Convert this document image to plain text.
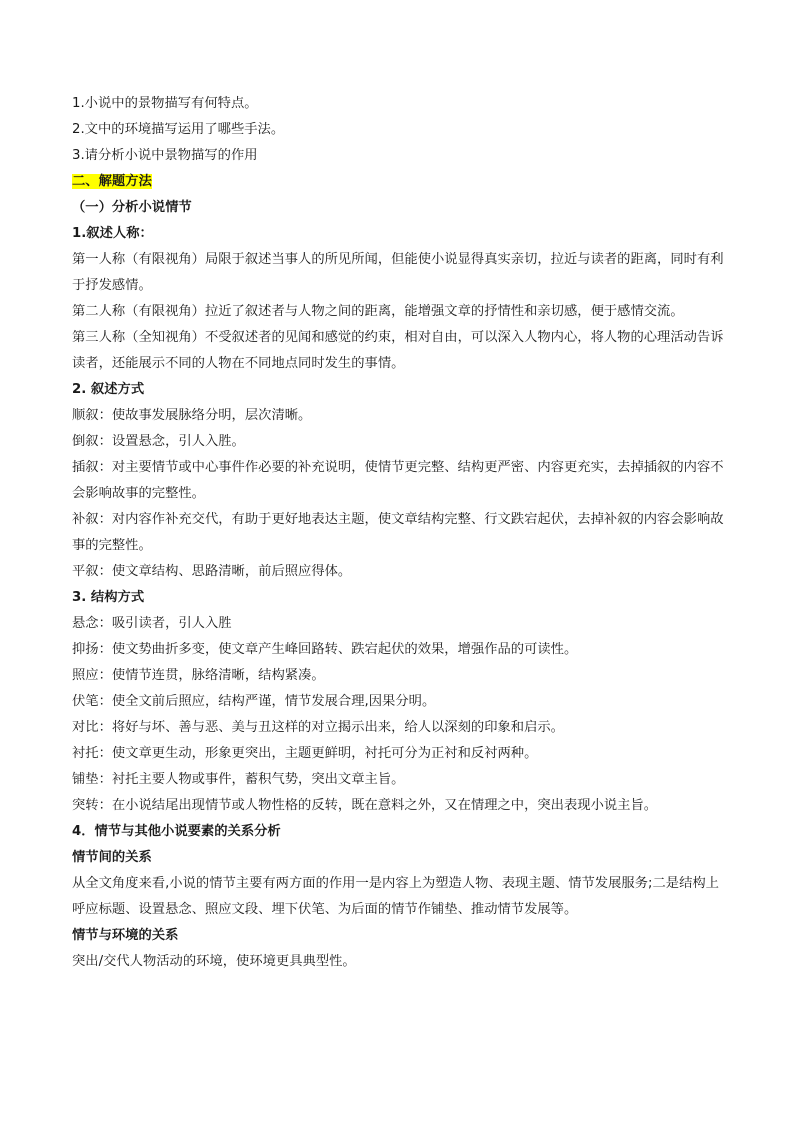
1.小说中的景物描写有何特点。
2.文中的环境描写运用了哪些手法。
3.请分析小说中景物描写的作用
二、解题方法
（一）分析小说情节
1.叙述人称：
第一人称（有限视角）局限于叙述当事人的所见所闻，但能使小说显得真实亲切，拉近与读者的距离，同时有利于抒发感情。
第二人称（有限视角）拉近了叙述者与人物之间的距离，能增强文章的抒情性和亲切感，便于感情交流。
第三人称（全知视角）不受叙述者的见闻和感觉的约束，相对自由，可以深入人物内心，将人物的心理活动告诉读者，还能展示不同的人物在不同地点同时发生的事情。
2. 叙述方式
顺叙：使故事发展脉络分明，层次清晰。
倒叙：设置悬念，引人入胜。
插叙：对主要情节或中心事件作必要的补充说明，使情节更完整、结构更严密、内容更充实，去掉插叙的内容不会影响故事的完整性。
补叙：对内容作补充交代，有助于更好地表达主题，使文章结构完整、行文跌宕起伏，去掉补叙的内容会影响故事的完整性。
平叙：使文章结构、思路清晰，前后照应得体。
3. 结构方式
悬念：吸引读者，引人入胜
抑扬：使文势曲折多变，使文章产生峰回路转、跌宕起伏的效果，增强作品的可读性。
照应：使情节连贯，脉络清晰，结构紧凑。
伏笔：使全文前后照应，结构严谨，情节发展合理,因果分明。
对比：将好与坏、善与恶、美与丑这样的对立揭示出来，给人以深刻的印象和启示。
衬托：使文章更生动，形象更突出，主题更鲜明，衬托可分为正衬和反衬两种。
铺垫：衬托主要人物或事件，蓄积气势，突出文章主旨。
突转：在小说结尾出现情节或人物性格的反转，既在意料之外，又在情理之中，突出表现小说主旨。
4．情节与其他小说要素的关系分析
情节间的关系
从全文角度来看,小说的情节主要有两方面的作用一是内容上为塑造人物、表现主题、情节发展服务;二是结构上呼应标题、设置悬念、照应文段、埋下伏笔、为后面的情节作铺垫、推动情节发展等。
情节与环境的关系
突出/交代人物活动的环境，使环境更具典型性。
